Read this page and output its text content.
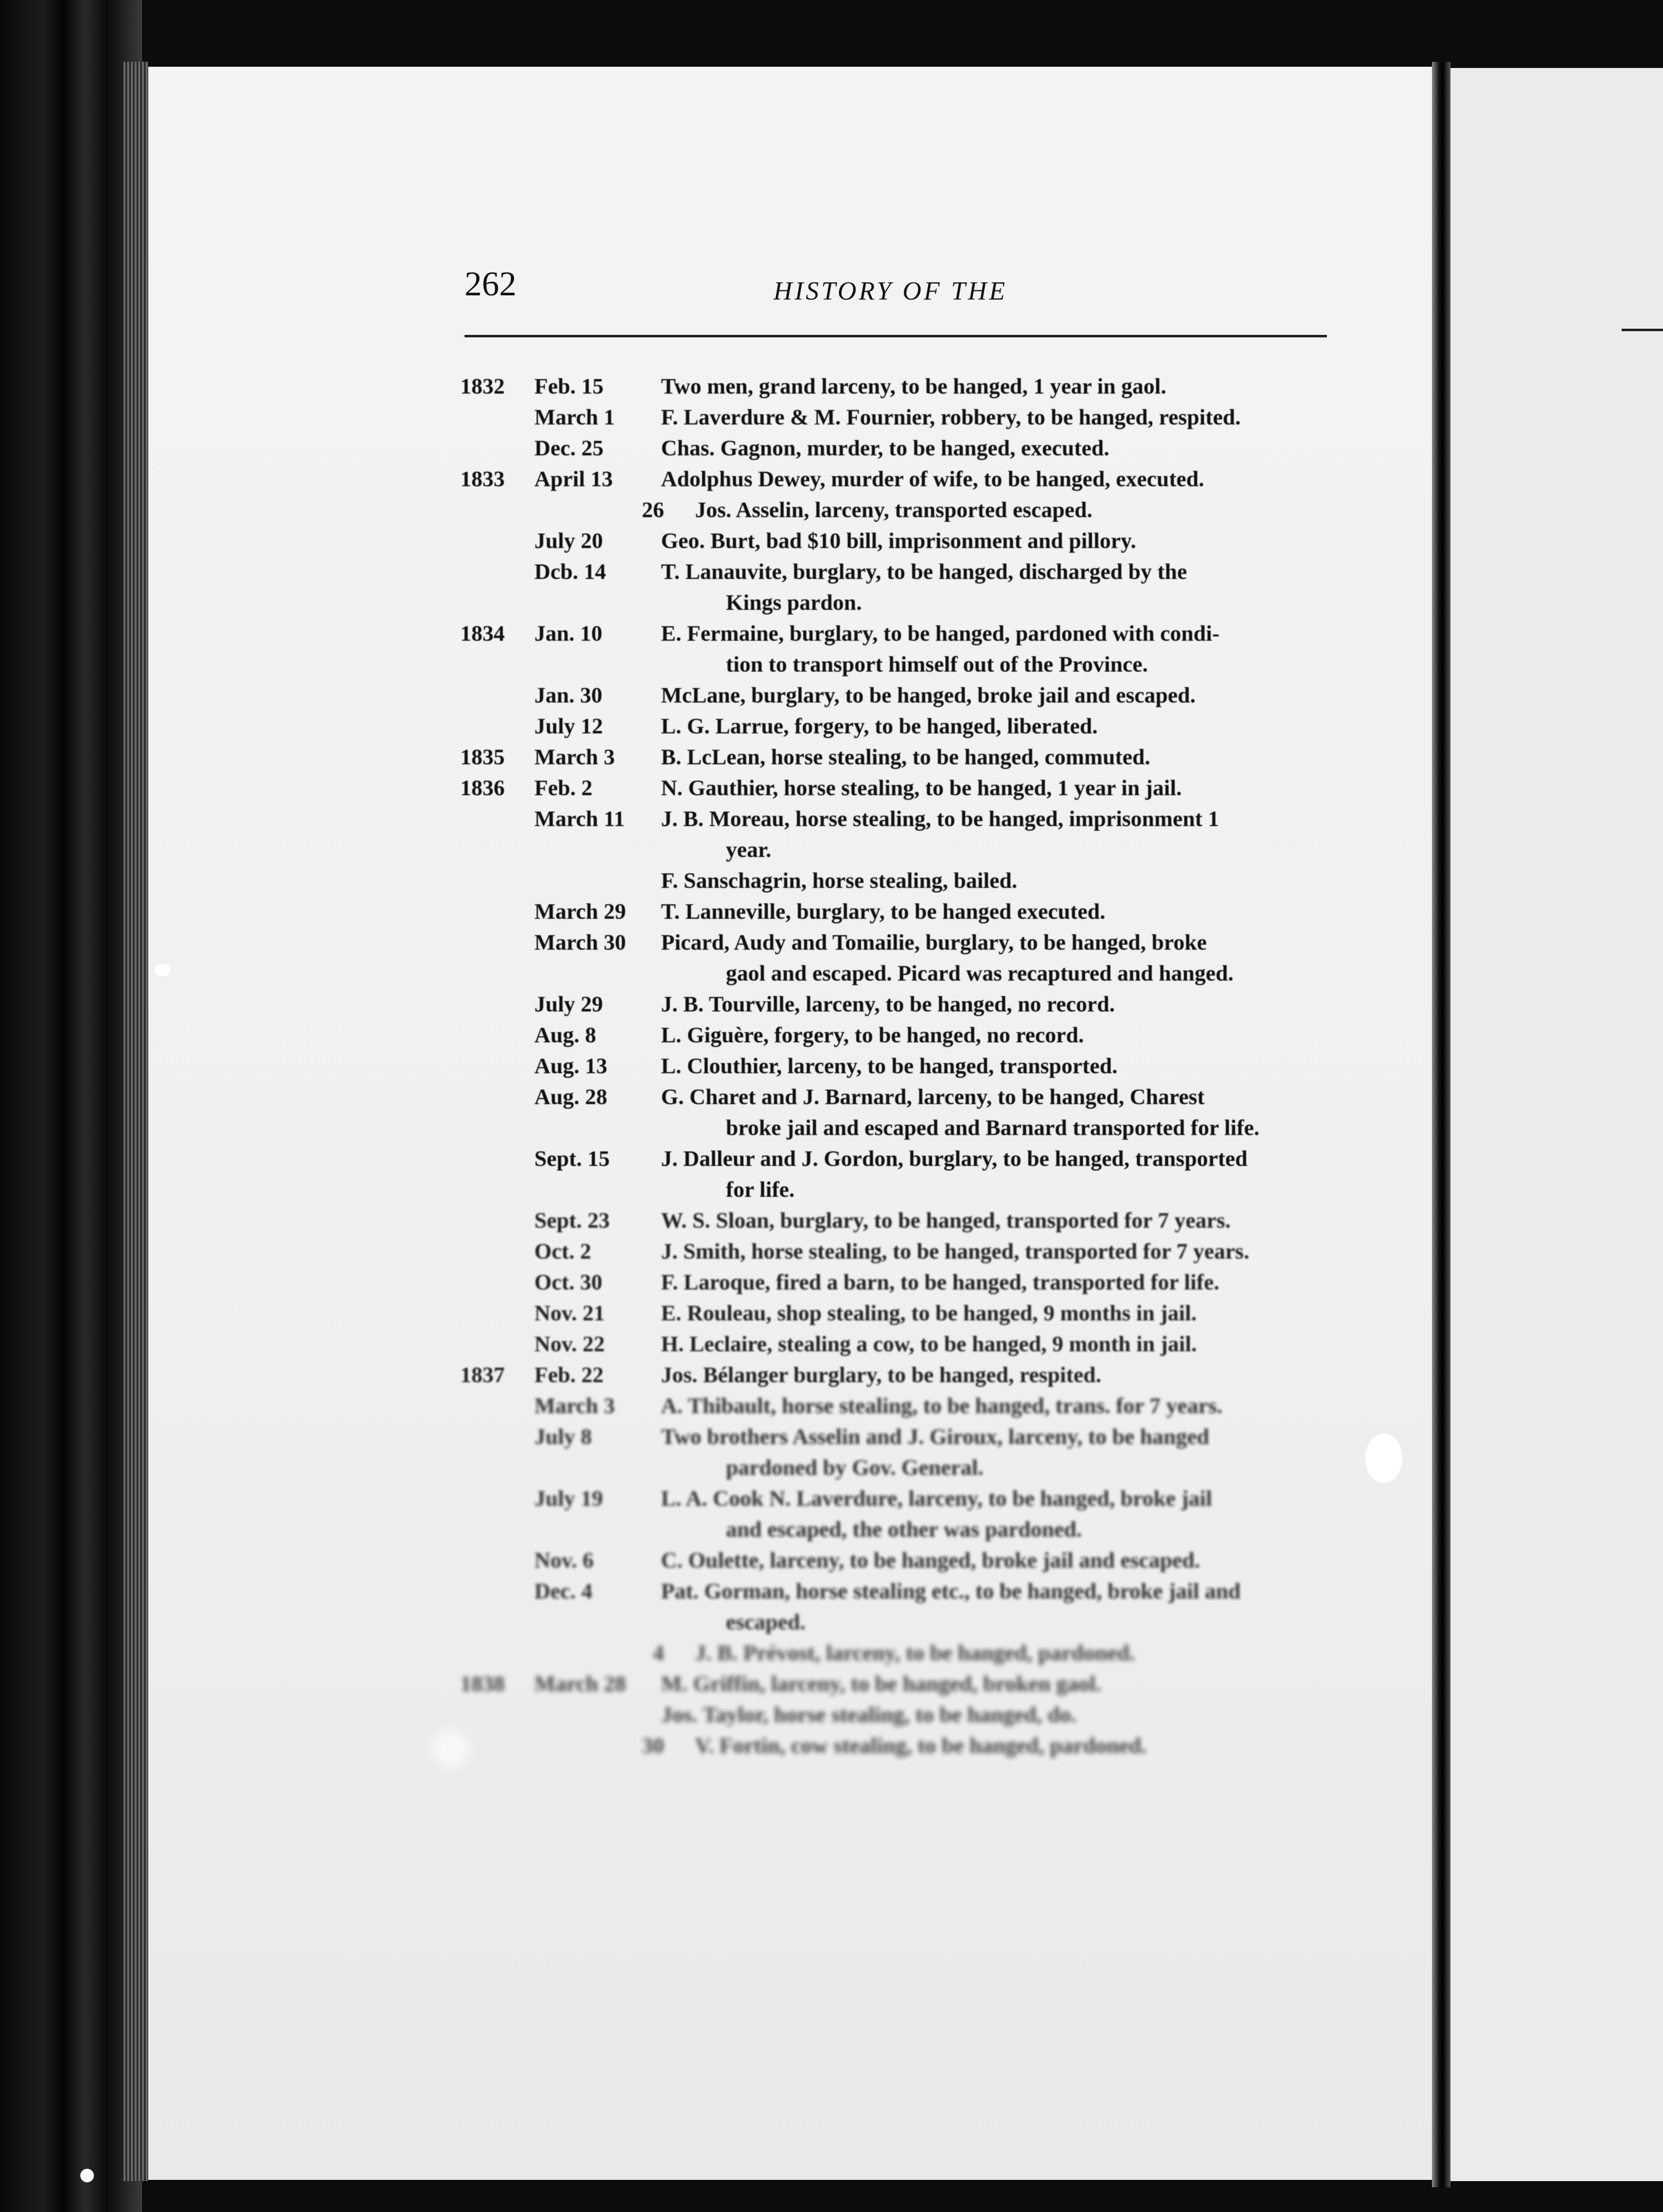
262	HISTORY OF THE
1832	Feb. 15	Two men, grand larceny, to be hanged, 1 year in gaol.
March 1	F. Laverdure & M. Fournier, robbery, to be hanged, respited.
Dec. 25	Chas. Gagnon, murder, to be hanged, executed.
1833	April 13	Adolphus Dewey, murder of wife, to be hanged, executed.
26	Jos. Asselin, larceny, transported escaped.
July 20	Geo. Burt, bad $10 bill, imprisonment and pillory.
Dcb. 14	T. Lanauvite, burglary, to be hanged, discharged by the
Kings pardon.
1834	Jan. 10	E. Fermaine, burglary, to be hanged, pardoned with condi-
tion to transport himself out of the Province.
Jan. 30	McLane, burglary, to be hanged, broke jail and escaped.
July 12	L. G. Larrue, forgery, to be hanged, liberated.
1835	March 3	B. LcLean, horse stealing, to be hanged, commuted.
1836	Feb. 2	N. Gauthier, horse stealing, to be hanged, 1 year in jail.
March 11	J. B. Moreau, horse stealing, to be hanged, imprisonment 1
year.
F. Sanschagrin, horse stealing, bailed.
March 29	T. Lanneville, burglary, to be hanged executed.
March 30	Picard, Audy and Tomailie, burglary, to be hanged, broke
gaol and escaped. Picard was recaptured and hanged.
July 29	J. B. Tourville, larceny, to be hanged, no record.
Aug. 8	L. Giguère, forgery, to be hanged, no record.
Aug. 13	L. Clouthier, larceny, to be hanged, transported.
Aug. 28	G. Charet and J. Barnard, larceny, to be hanged, Charest
broke jail and escaped and Barnard transported for life.
Sept. 15	J. Dalleur and J. Gordon, burglary, to be hanged, transported
for life.
Sept. 23	W. S. Sloan, burglary, to be hanged, transported for 7 years.
Oct. 2	J. Smith, horse stealing, to be hanged, transported for 7 years.
Oct. 30	F. Laroque, fired a barn, to be hanged, transported for life.
Nov. 21	E. Rouleau, shop stealing, to be hanged, 9 months in jail.
Nov. 22	H. Leclaire, stealing a cow, to be hanged, 9 month in jail.
1837	Feb. 22	Jos. Bélanger burglary, to be hanged, respited.
March 3	A. Thibault, horse stealing, to be hanged, trans. for 7 years.
July 8	Two brothers Asselin and J. Giroux, larceny, to be hanged
pardoned by Gov. General.
July 19	L. A. Cook N. Laverdure, larceny, to be hanged, broke jail
and escaped, the other was pardoned.
Nov. 6	C. Oulette, larceny, to be hanged, broke jail and escaped.
Dec. 4	Pat. Gorman, horse stealing etc., to be hanged, broke jail and
escaped.
4	J. B. Prévost, larceny, to be hanged, pardoned.
1838	March 28	M. Griffin, larceny, to be hanged, broken gaol.
Jos. Taylor, horse stealing, to be hanged, do.
30	V. Fortin, cow stealing, to be hanged, pardoned.
